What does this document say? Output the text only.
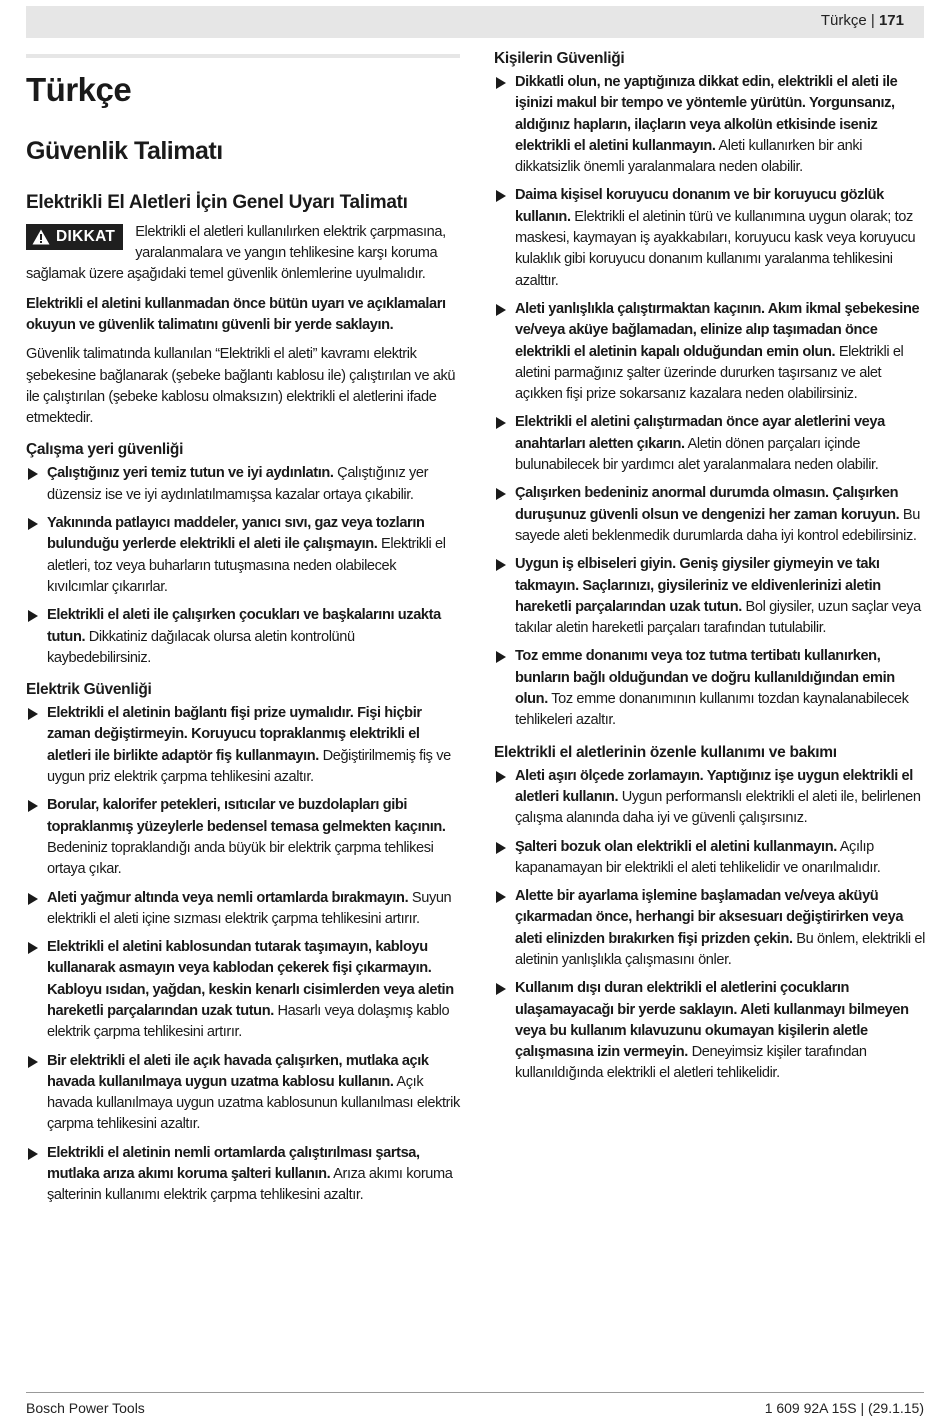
Türkçe | 171
Türkçe
Güvenlik Talimatı
Elektrikli El Aletleri İçin Genel Uyarı Talimatı
DIKKAT	Elektrikli el aletleri kullanılırken elektrik çarpmasına, yaralanmalara ve yangın tehlikesine karşı koruma sağlamak üzere aşağıdaki temel güvenlik önlemlerine uyulmalıdır.

Elektrikli el aletini kullanmadan önce bütün uyarı ve açıklamaları okuyun ve güvenlik talimatını güvenli bir yerde saklayın.

Güvenlik talimatında kullanılan “Elektrikli el aleti” kavramı elektrik şebekesine bağlanarak (şebeke bağlantı kablosu ile) çalıştırılan ve akü ile çalıştırılan (şebeke kablosu olmaksızın) elektrikli el aletlerini ifade etmektedir.

Çalışma yeri güvenliği
Çalıştığınız yeri temiz tutun ve iyi aydınlatın. Çalıştığınız yer düzensiz ise ve iyi aydınlatılmamışsa kazalar ortaya çıkabilir.
Yakınında patlayıcı maddeler, yanıcı sıvı, gaz veya tozların bulunduğu yerlerde elektrikli el aleti ile çalışmayın. Elektrikli el aletleri, toz veya buharların tutuşmasına neden olabilecek kıvılcımlar çıkarırlar.
Elektrikli el aleti ile çalışırken çocukları ve başkalarını uzakta tutun. Dikkatiniz dağılacak olursa aletin kontrolünü kaybedebilirsiniz.
Elektrik Güvenliği
Elektrikli el aletinin bağlantı fişi prize uymalıdır. Fişi hiçbir zaman değiştirmeyin. Koruyucu topraklanmış elektrikli el aletleri ile birlikte adaptör fiş kullanmayın. Değiştirilmemiş fiş ve uygun priz elektrik çarpma tehlikesini azaltır.
Borular, kalorifer petekleri, ısıtıcılar ve buzdolapları gibi topraklanmış yüzeylerle bedensel temasa gelmekten kaçının. Bedeniniz topraklandığı anda büyük bir elektrik çarpma tehlikesi ortaya çıkar.
Aleti yağmur altında veya nemli ortamlarda bırakmayın. Suyun elektrikli el aleti içine sızması elektrik çarpma tehlikesini artırır.
Elektrikli el aletini kablosundan tutarak taşımayın, kabloyu kullanarak asmayın veya kablodan çekerek fişi çıkarmayın. Kabloyu ısıdan, yağdan, keskin kenarlı cisimlerden veya aletin hareketli parçalarından uzak tutun. Hasarlı veya dolaşmış kablo elektrik çarpma tehlikesini artırır.
Bir elektrikli el aleti ile açık havada çalışırken, mutlaka açık havada kullanılmaya uygun uzatma kablosu kullanın. Açık havada kullanılmaya uygun uzatma kablosunun kullanılması elektrik çarpma tehlikesini azaltır.
Elektrikli el aletinin nemli ortamlarda çalıştırılması şartsa, mutlaka arıza akımı koruma şalteri kullanın. Arıza akımı koruma şalterinin kullanımı elektrik çarpma tehlikesini azaltır.
Kişilerin Güvenliği
Dikkatli olun, ne yaptığınıza dikkat edin, elektrikli el aleti ile işinizi makul bir tempo ve yöntemle yürütün. Yorgunsanız, aldığınız hapların, ilaçların veya alkolün etkisinde iseniz elektrikli el aletini kullanmayın. Aleti kullanırken bir anki dikkatsizlik önemli yaralanmalara neden olabilir.
Daima kişisel koruyucu donanım ve bir koruyucu gözlük kullanın. Elektrikli el aletinin türü ve kullanımına uygun olarak; toz maskesi, kaymayan iş ayakkabıları, koruyucu kask veya koruyucu kulaklık gibi koruyucu donanım kullanımı yaralanma tehlikesini azalttır.
Aleti yanlışlıkla çalıştırmaktan kaçının. Akım ikmal şebekesine ve/veya aküye bağlamadan, elinize alıp taşımadan önce elektrikli el aletinin kapalı olduğundan emin olun. Elektrikli el aletini parmağınız şalter üzerinde dururken taşırsanız ve alet açıkken fişi prize sokarsanız kazalara neden olabilirsiniz.
Elektrikli el aletini çalıştırmadan önce ayar aletlerini veya anahtarları aletten çıkarın. Aletin dönen parçaları içinde bulunabilecek bir yardımcı alet yaralanmalara neden olabilir.
Çalışırken bedeniniz anormal durumda olmasın. Çalışırken duruşunuz güvenli olsun ve dengenizi her zaman koruyun. Bu sayede aleti beklenmedik durumlarda daha iyi kontrol edebilirsiniz.
Uygun iş elbiseleri giyin. Geniş giysiler giymeyin ve takı takmayın. Saçlarınızı, giysileriniz ve eldivenlerinizi aletin hareketli parçalarından uzak tutun. Bol giysiler, uzun saçlar veya takılar aletin hareketli parçaları tarafından tutulabilir.
Toz emme donanımı veya toz tutma tertibatı kullanırken, bunların bağlı olduğundan ve doğru kullanıldığından emin olun. Toz emme donanımının kullanımı tozdan kaynalanabilecek tehlikeleri azaltır.
Elektrikli el aletlerinin özenle kullanımı ve bakımı
Aleti aşırı ölçede zorlamayın. Yaptığınız işe uygun elektrikli el aletleri kullanın. Uygun performanslı elektrikli el aleti ile, belirlenen çalışma alanında daha iyi ve güvenli çalışırsınız.
Şalteri bozuk olan elektrikli el aletini kullanmayın. Açılıp kapanamayan bir elektrikli el aleti tehlikelidir ve onarılmalıdır.
Alette bir ayarlama işlemine başlamadan ve/veya aküyü çıkarmadan önce, herhangi bir aksesuarı değiştirirken veya aleti elinizden bırakırken fişi prizden çekin. Bu önlem, elektrikli el aletinin yanlışlıkla çalışmasını önler.
Kullanım dışı duran elektrikli el aletlerini çocukların ulaşamayacağı bir yerde saklayın. Aleti kullanmayı bilmeyen veya bu kullanım kılavuzunu okumayan kişilerin aletle çalışmasına izin vermeyin. Deneyimsiz kişiler tarafından kullanıldığında elektrikli el aletleri tehlikelidir.
Bosch Power Tools	1 609 92A 15S | (29.1.15)
